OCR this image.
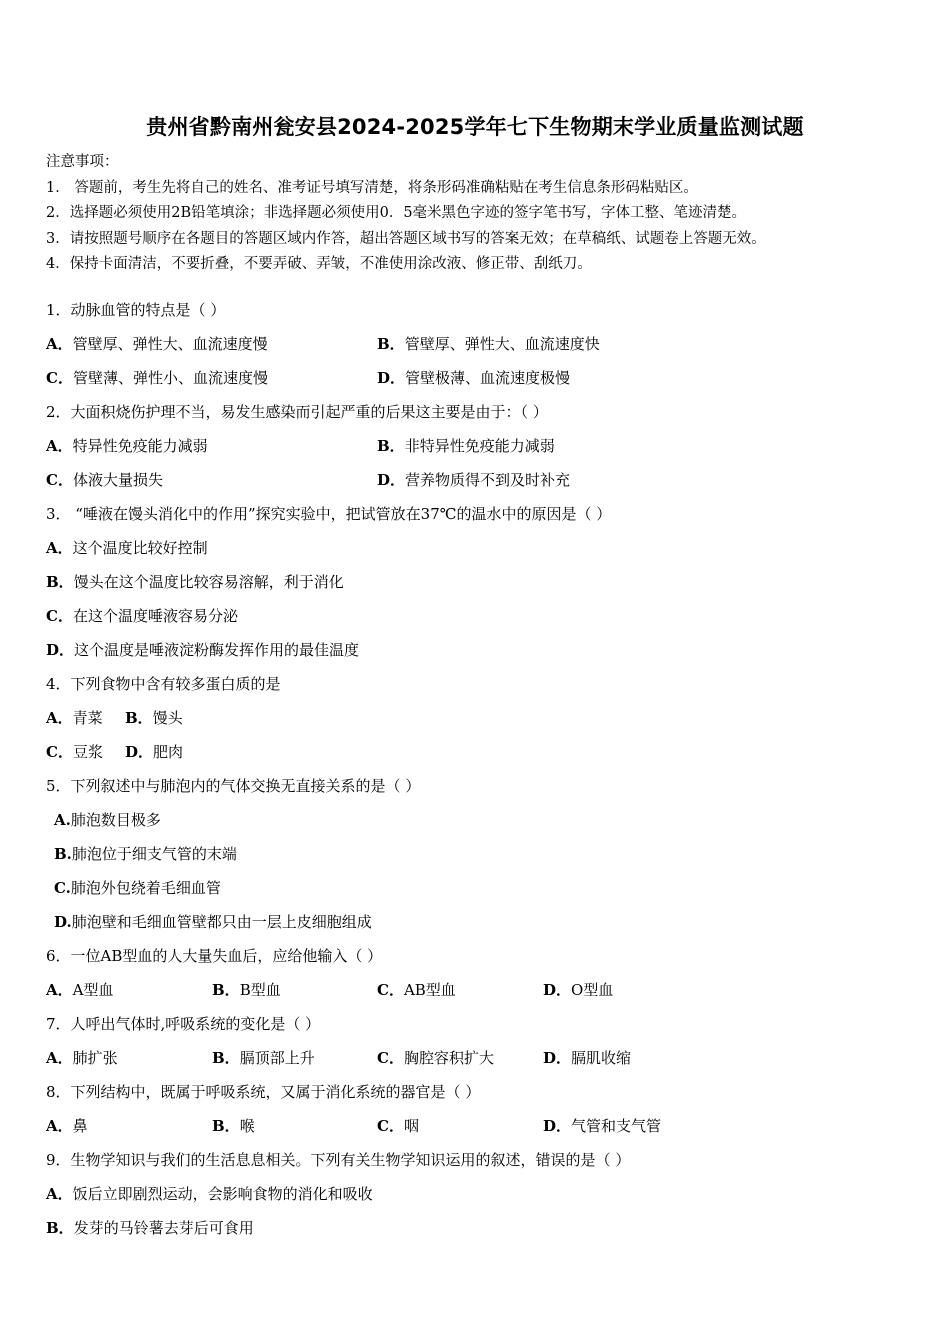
贵州省黔南州瓮安县2024-2025学年七下生物期末学业质量监测试题
注意事项：
1． 答题前，考生先将自己的姓名、准考证号填写清楚，将条形码准确粘贴在考生信息条形码粘贴区。
2．选择题必须使用2B铅笔填涂；非选择题必须使用0．5毫米黑色字迹的签字笔书写，字体工整、笔迹清楚。
3．请按照题号顺序在各题目的答题区域内作答，超出答题区域书写的答案无效；在草稿纸、试题卷上答题无效。
4．保持卡面清洁，不要折叠，不要弄破、弄皱，不准使用涂改液、修正带、刮纸刀。
1．动脉血管的特点是（ ）
A．管壁厚、弹性大、血流速度慢	B．管壁厚、弹性大、血流速度快
C．管壁薄、弹性小、血流速度慢	D．管壁极薄、血流速度极慢
2．大面积烧伤护理不当，易发生感染而引起严重的后果这主要是由于：（ ）
A．特异性免疫能力减弱	B．非特异性免疫能力减弱
C．体液大量损失	D．营养物质得不到及时补充
3． “唾液在馒头消化中的作用”探究实验中，把试管放在37℃的温水中的原因是（ ）
A．这个温度比较好控制
B．馒头在这个温度比较容易溶解，利于消化
C．在这个温度唾液容易分泌
D．这个温度是唾液淀粉酶发挥作用的最佳温度
4．下列食物中含有较多蛋白质的是
A．青菜 B．馒头
C．豆浆 D．肥肉
5．下列叙述中与肺泡内的气体交换无直接关系的是（ ）
A.肺泡数目极多
B.肺泡位于细支气管的末端
C.肺泡外包绕着毛细血管
D.肺泡壁和毛细血管壁都只由一层上皮细胞组成
6．一位AB型血的人大量失血后，应给他输入（ ）
A．A型血	B．B型血	C．AB型血	D．O型血
7．人呼出气体时,呼吸系统的变化是（ ）
A．肺扩张	B．膈顶部上升	C．胸腔容积扩大	D．膈肌收缩
8．下列结构中，既属于呼吸系统，又属于消化系统的器官是（ ）
A．鼻	B．喉	C．咽	D．气管和支气管
9．生物学知识与我们的生活息息相关。下列有关生物学知识运用的叙述，错误的是（ ）
A．饭后立即剧烈运动，会影响食物的消化和吸收
B．发芽的马铃薯去芽后可食用
